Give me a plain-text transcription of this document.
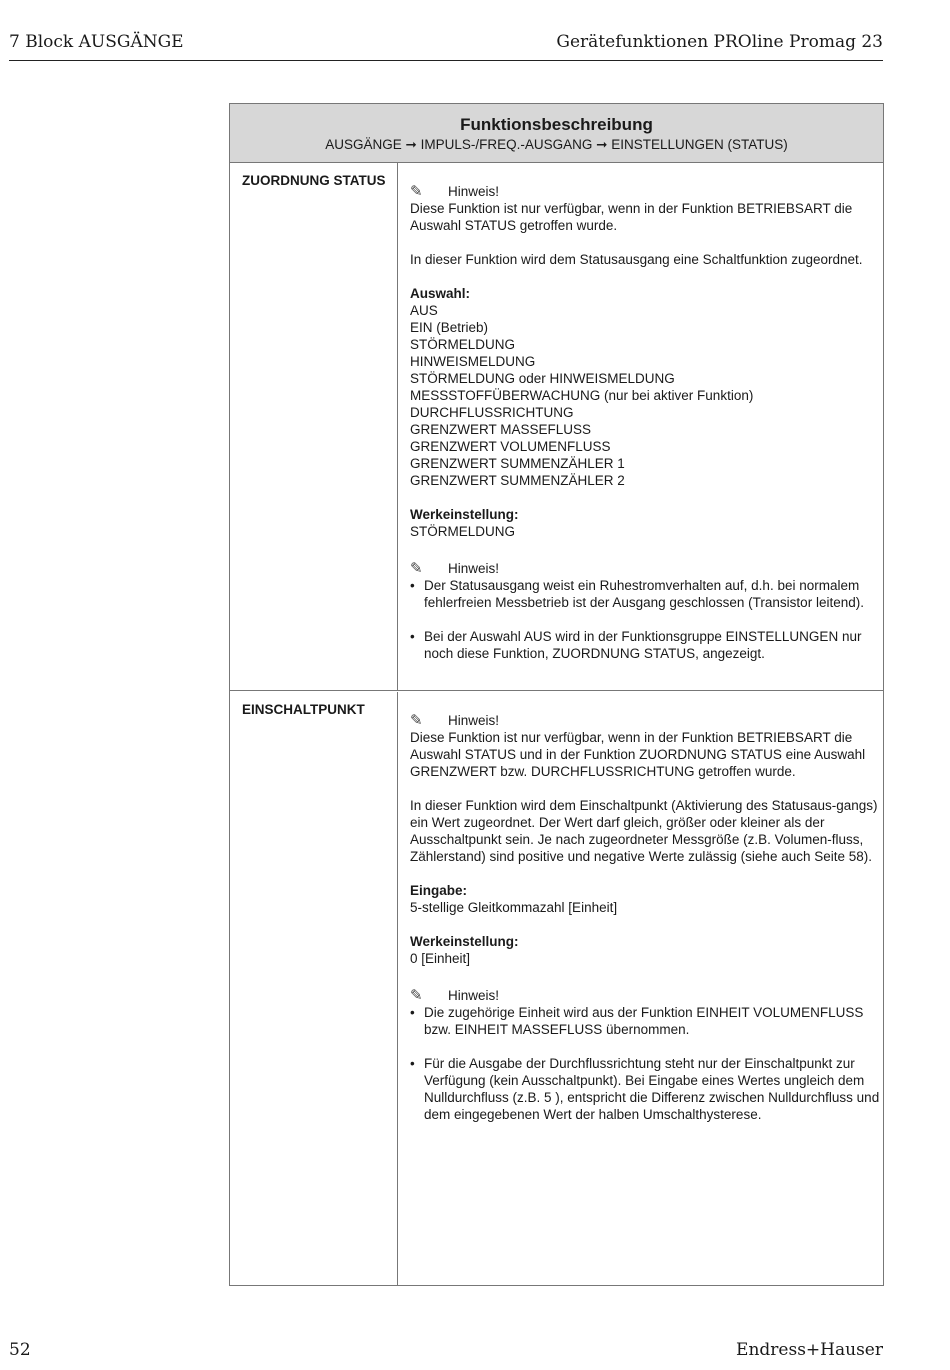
7 Block AUSGÄNGE	Gerätefunktionen PROline Promag 23
Funktionsbeschreibung
AUSGÄNGE ➞ IMPULS-/FREQ.-AUSGANG ➞ EINSTELLUNGEN (STATUS)
ZUORDNUNG STATUS
✎	Hinweis!

Diese Funktion ist nur verfügbar, wenn in der Funktion BETRIEBSART die Auswahl STATUS getroffen wurde.

In dieser Funktion wird dem Statusausgang eine Schaltfunktion zugeordnet.

Auswahl:

AUS
EIN (Betrieb)
STÖRMELDUNG
HINWEISMELDUNG
STÖRMELDUNG oder HINWEISMELDUNG
MESSSTOFFÜBERWACHUNG (nur bei aktiver Funktion)
DURCHFLUSSRICHTUNG
GRENZWERT MASSEFLUSS
GRENZWERT VOLUMENFLUSS
GRENZWERT SUMMENZÄHLER 1
GRENZWERT SUMMENZÄHLER 2

Werkeinstellung:

STÖRMELDUNG

✎	Hinweis!
• Der Statusausgang weist ein Ruhestromverhalten auf, d.h. bei normalem fehlerfreien Messbetrieb ist der Ausgang geschlossen (Transistor leitend).
• Bei der Auswahl AUS wird in der Funktionsgruppe EINSTELLUNGEN nur noch diese Funktion, ZUORDNUNG STATUS, angezeigt.
EINSCHALTPUNKT
✎	Hinweis!

Diese Funktion ist nur verfügbar, wenn in der Funktion BETRIEBSART die Auswahl STATUS und in der Funktion ZUORDNUNG STATUS eine Auswahl GRENZWERT bzw. DURCHFLUSSRICHTUNG getroffen wurde.

In dieser Funktion wird dem Einschaltpunkt (Aktivierung des Statusaus-gangs) ein Wert zugeordnet. Der Wert darf gleich, größer oder kleiner als der Ausschaltpunkt sein. Je nach zugeordneter Messgröße (z.B. Volumen-fluss, Zählerstand) sind positive und negative Werte zulässig (siehe auch Seite 58).

Eingabe:

5-stellige Gleitkommazahl [Einheit]

Werkeinstellung:

0 [Einheit]

✎	Hinweis!
• Die zugehörige Einheit wird aus der Funktion EINHEIT VOLUMENFLUSS bzw. EINHEIT MASSEFLUSS übernommen.
• Für die Ausgabe der Durchflussrichtung steht nur der Einschaltpunkt zur Verfügung (kein Ausschaltpunkt). Bei Eingabe eines Wertes ungleich dem Nulldurchfluss (z.B. 5 ), entspricht die Differenz zwischen Nulldurchfluss und dem eingegebenen Wert der halben Umschalthysterese.
52	Endress+Hauser
